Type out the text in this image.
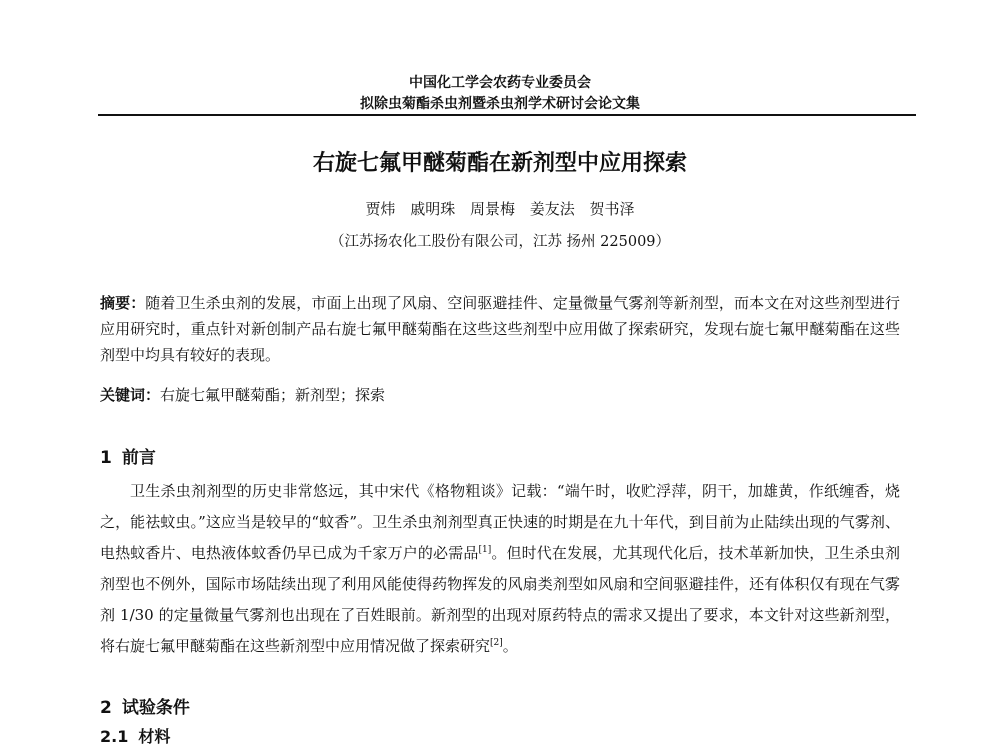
中国化工学会农药专业委员会
拟除虫菊酯杀虫剂暨杀虫剂学术研讨会论文集
右旋七氟甲醚菊酯在新剂型中应用探索
贾炜 戚明珠 周景梅 姜友法 贺书泽
（江苏扬农化工股份有限公司，江苏 扬州 225009）
摘要：随着卫生杀虫剂的发展，市面上出现了风扇、空间驱避挂件、定量微量气雾剂等新剂型，而本文在对这些剂型进行应用研究时，重点针对新创制产品右旋七氟甲醚菊酯在这些这些剂型中应用做了探索研究，发现右旋七氟甲醚菊酯在这些剂型中均具有较好的表现。
关键词：右旋七氟甲醚菊酯；新剂型；探索
1 前言
卫生杀虫剂剂型的历史非常悠远，其中宋代《格物粗谈》记载：“端午时，收贮浮萍，阴干，加雄黄，作纸缠香，烧之，能祛蚊虫。”这应当是较早的“蚊香”。卫生杀虫剂剂型真正快速的时期是在九十年代，到目前为止陆续出现的气雾剂、电热蚊香片、电热液体蚊香仍早已成为千家万户的必需品[1]。但时代在发展，尤其现代化后，技术革新加快，卫生杀虫剂剂型也不例外，国际市场陆续出现了利用风能使得药物挥发的风扇类剂型如风扇和空间驱避挂件，还有体积仅有现在气雾剂 1/30 的定量微量气雾剂也出现在了百姓眼前。新剂型的出现对原药特点的需求又提出了要求，本文针对这些新剂型，将右旋七氟甲醚菊酯在这些新剂型中应用情况做了探索研究[2]。
2 试验条件
2.1 材料
